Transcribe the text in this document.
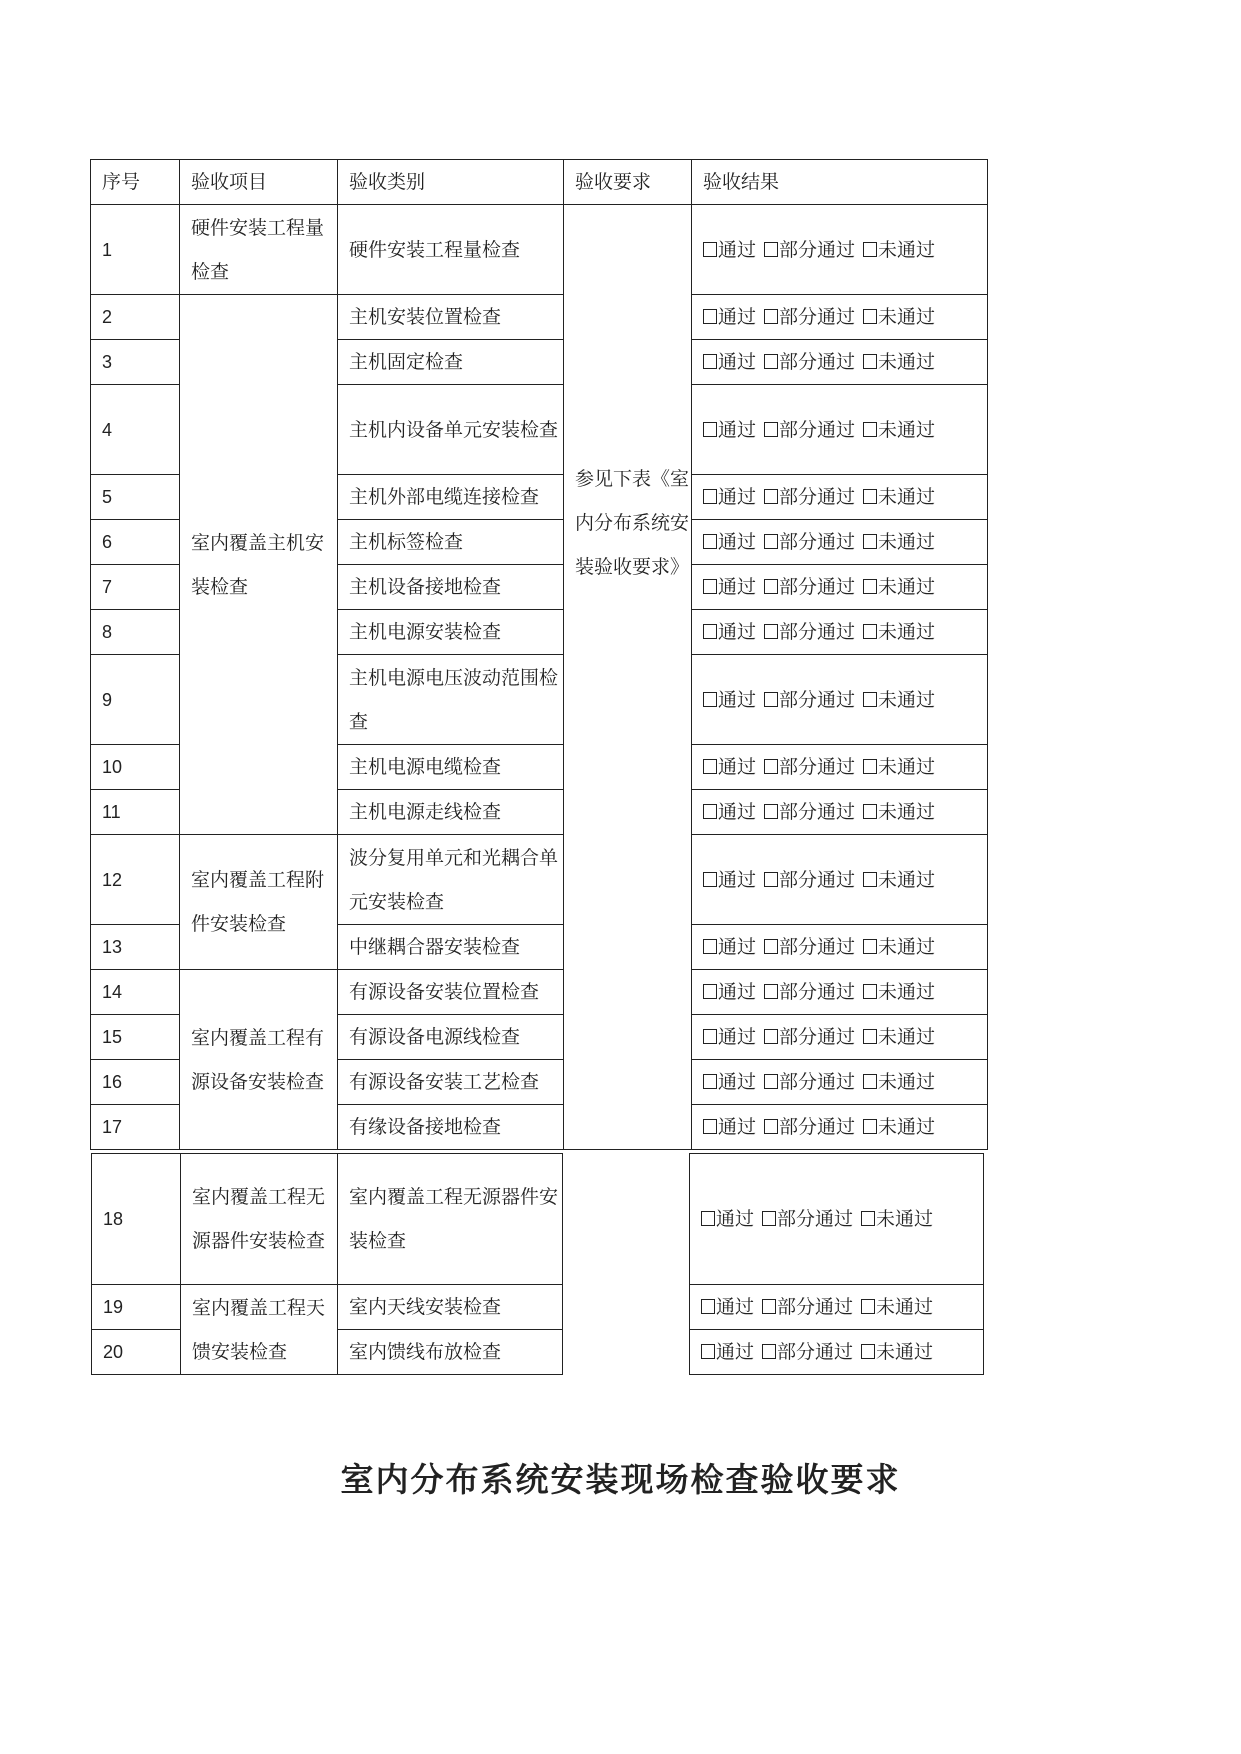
序号	验收项目	验收类别	验收要求	验收结果
1	硬件安装工程量检查	硬件安装工程量检查	参见下表《室内分布系统安装验收要求》	通过 部分通过 未通过
2	室内覆盖主机安装检查	主机安装位置检查		通过 部分通过 未通过
3		主机固定检查		通过 部分通过 未通过
4		主机内设备单元安装检查		通过 部分通过 未通过
5		主机外部电缆连接检查		通过 部分通过 未通过
6		主机标签检查		通过 部分通过 未通过
7		主机设备接地检查		通过 部分通过 未通过
8		主机电源安装检查		通过 部分通过 未通过
9		主机电源电压波动范围检查		通过 部分通过 未通过
10		主机电源电缆检查		通过 部分通过 未通过
11		主机电源走线检查		通过 部分通过 未通过
12	室内覆盖工程附件安装检查	波分复用单元和光耦合单元安装检查		通过 部分通过 未通过
13		中继耦合器安装检查		通过 部分通过 未通过
14	室内覆盖工程有源设备安装检查	有源设备安装位置检查		通过 部分通过 未通过
15		有源设备电源线检查		通过 部分通过 未通过
16		有源设备安装工艺检查		通过 部分通过 未通过
17		有缘设备接地检查		通过 部分通过 未通过
18	室内覆盖工程无源器件安装检查	室内覆盖工程无源器件安装检查		通过 部分通过 未通过
19	室内覆盖工程天馈安装检查	室内天线安装检查		通过 部分通过 未通过
20		室内馈线布放检查		通过 部分通过 未通过
室内分布系统安装现场检查验收要求
